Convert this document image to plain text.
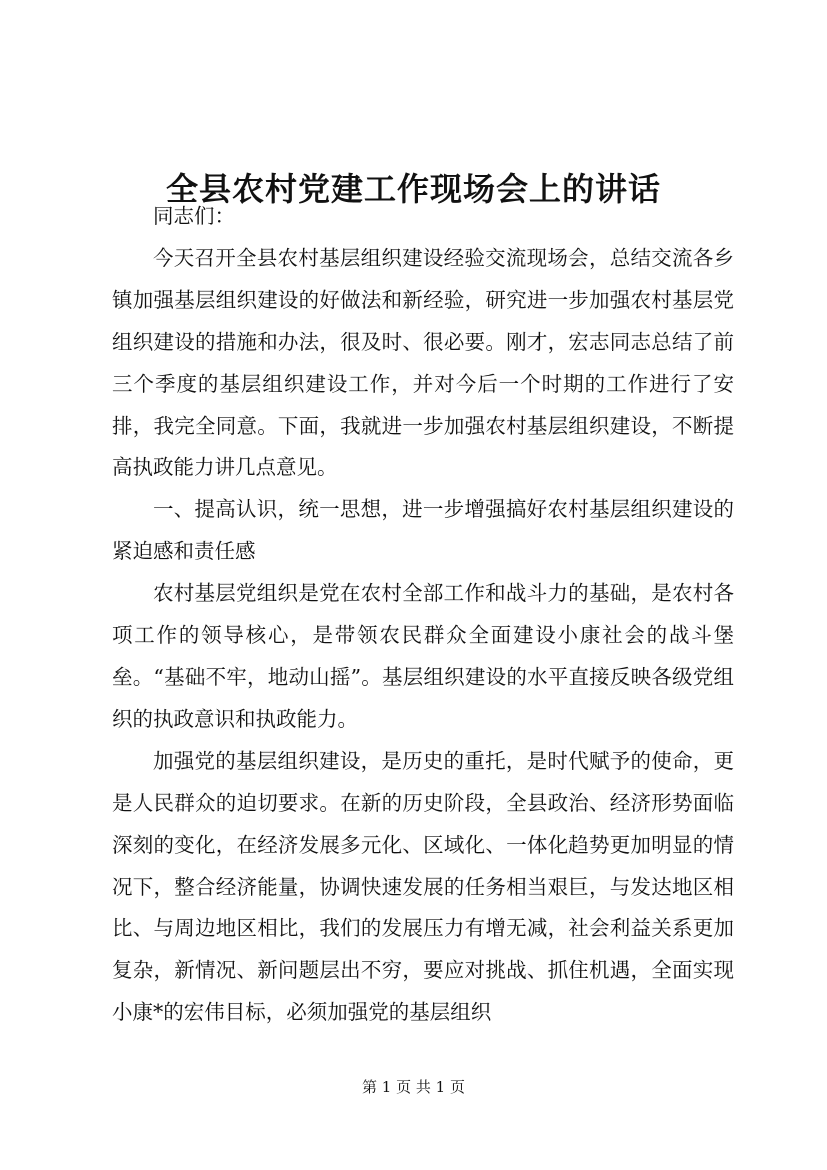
全县农村党建工作现场会上的讲话

同志们：

今天召开全县农村基层组织建设经验交流现场会，总结交流各乡镇加强基层组织建设的好做法和新经验，研究进一步加强农村基层党组织建设的措施和办法，很及时、很必要。刚才，宏志同志总结了前三个季度的基层组织建设工作，并对今后一个时期的工作进行了安排，我完全同意。下面，我就进一步加强农村基层组织建设，不断提高执政能力讲几点意见。

一、提高认识，统一思想，进一步增强搞好农村基层组织建设的紧迫感和责任感

农村基层党组织是党在农村全部工作和战斗力的基础，是农村各项工作的领导核心，是带领农民群众全面建设小康社会的战斗堡垒。“基础不牢，地动山摇”。基层组织建设的水平直接反映各级党组织的执政意识和执政能力。

加强党的基层组织建设，是历史的重托，是时代赋予的使命，更是人民群众的迫切要求。在新的历史阶段，全县政治、经济形势面临深刻的变化，在经济发展多元化、区域化、一体化趋势更加明显的情况下，整合经济能量，协调快速发展的任务相当艰巨，与发达地区相比、与周边地区相比，我们的发展压力有增无减，社会利益关系更加复杂，新情况、新问题层出不穷，要应对挑战、抓住机遇，全面实现小康*的宏伟目标，必须加强党的基层组织

第 1 页 共 1 页
